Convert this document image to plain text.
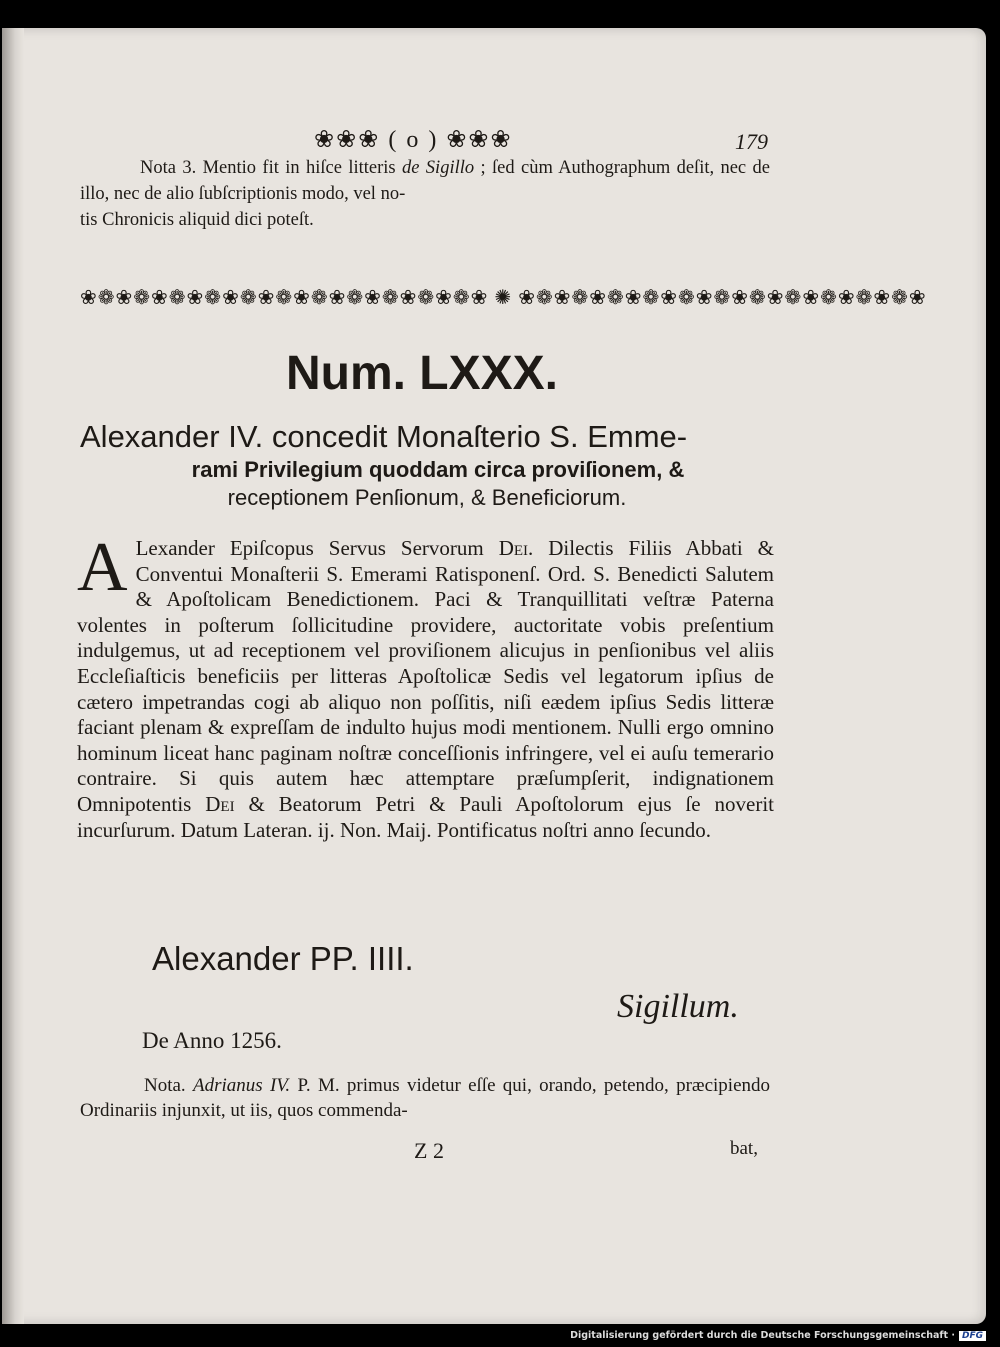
❀❀❀ ( o ) ❀❀❀	179

Nota 3. Mentio fit in hiſce litteris de Sigillo ; ſed cùm Authographum deſit, nec de illo, nec de alio ſubſcriptionis modo, vel no-

tis Chronicis aliquid dici poteſt.

❀❁❀❁❀❁❀❁❀❁❀❁❀❁❀❁❀❁❀❁❀❁❀ ✺ ❀❁❀❁❀❁❀❁❀❁❀❁❀❁❀❁❀❁❀❁❀❁❀
Num. LXXX.

Alexander IV. concedit Monaſterio S. Emme-

rami Privilegium quoddam circa proviſionem, &

receptionem Penſionum, & Beneficiorum.

A Lexander Epiſcopus Servus Servorum Dei. Dilectis Filiis Abbati & Conventui Monaſterii S. Emerami Ratisponenſ. Ord. S. Benedicti Salutem & Apoſtolicam Benedictionem. Paci & Tranquillitati veſtræ Paterna volentes in poſterum ſollicitudine providere, auctoritate vobis preſentium indulgemus, ut ad receptionem vel proviſionem alicujus in penſionibus vel aliis Eccleſiaſticis beneficiis per litteras Apoſtolicæ Sedis vel legatorum ipſius de cætero impetrandas cogi ab aliquo non poſſitis, niſi eædem ipſius Sedis litteræ faciant plenam & expreſſam de indulto hujus modi mentionem. Nulli ergo omnino hominum liceat hanc paginam noſtræ conceſſionis infringere, vel ei auſu temerario contraire. Si quis autem hæc attemptare præſumpſerit, indignationem Omnipotentis Dei & Beatorum Petri & Pauli Apoſtolorum ejus ſe noverit incurſurum. Datum Lateran. ij. Non. Maij. Pontificatus noſtri anno ſecundo.

Alexander PP. IIII.
Sigillum.
De Anno 1256.

Nota. Adrianus IV. P. M. primus videtur eſſe qui, orando, petendo, præcipiendo Ordinariis injunxit, ut iis, quos commenda-

Z 2	bat,
Digitalisierung gefördert durch die Deutsche Forschungsgemeinschaft · DFG
